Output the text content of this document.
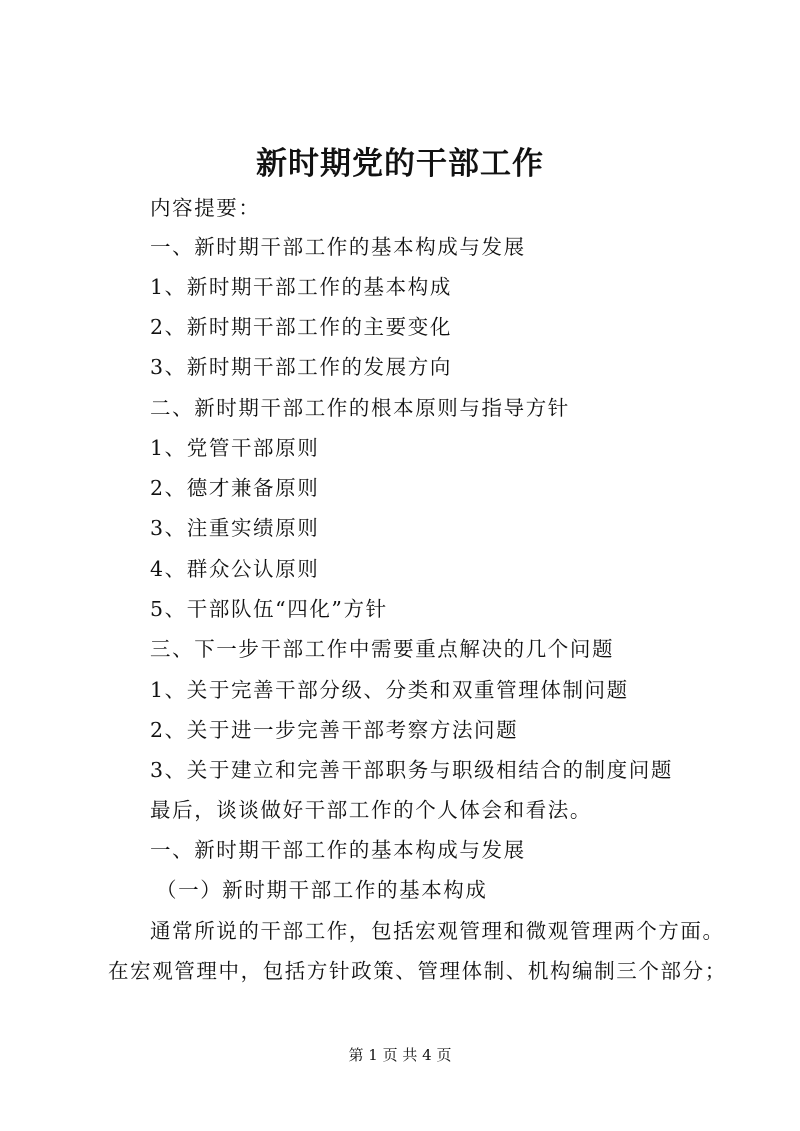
新时期党的干部工作
内容提要：
一、新时期干部工作的基本构成与发展
1、新时期干部工作的基本构成
2、新时期干部工作的主要变化
3、新时期干部工作的发展方向
二、新时期干部工作的根本原则与指导方针
1、党管干部原则
2、德才兼备原则
3、注重实绩原则
4、群众公认原则
5、干部队伍“四化”方针
三、下一步干部工作中需要重点解决的几个问题
1、关于完善干部分级、分类和双重管理体制问题
2、关于进一步完善干部考察方法问题
3、关于建立和完善干部职务与职级相结合的制度问题
最后，谈谈做好干部工作的个人体会和看法。
一、新时期干部工作的基本构成与发展
（一）新时期干部工作的基本构成
通常所说的干部工作，包括宏观管理和微观管理两个方面。
在宏观管理中，包括方针政策、管理体制、机构编制三个部分；
第 1 页 共 4 页
